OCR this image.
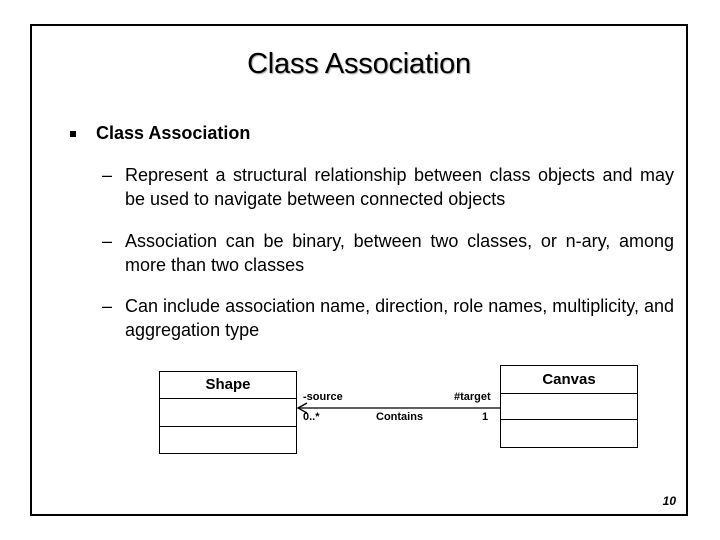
Class Association
Class Association
– Represent a structural relationship between class objects and may be used to navigate between connected objects
– Association can be binary, between two classes, or n-ary, among more than two classes
– Can include association name, direction, role names, multiplicity, and aggregation type
Shape	Canvas
-source	#target
0..*	Contains	1
10
